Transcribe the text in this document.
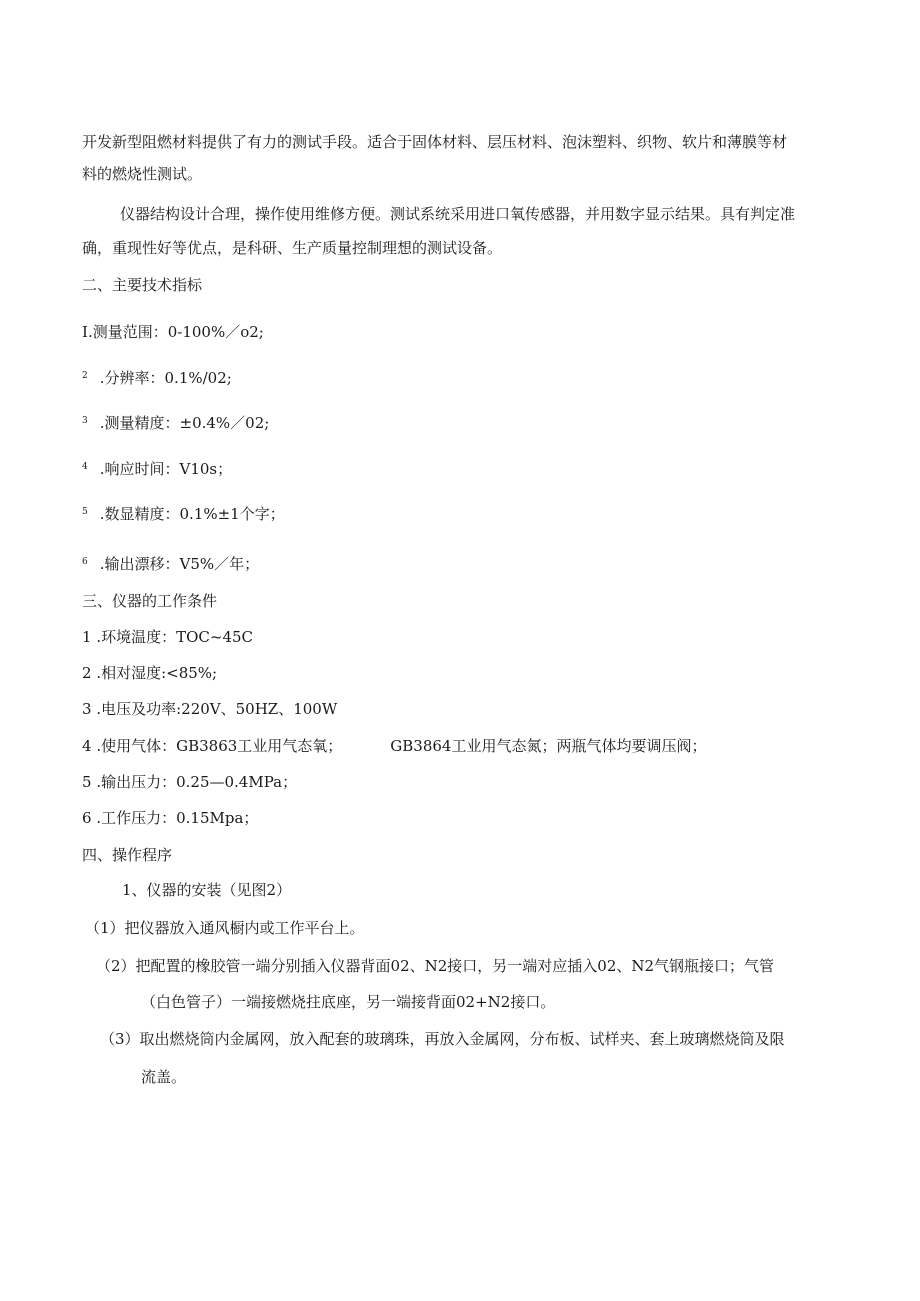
开发新型阻燃材料提供了有力的测试手段。适合于固体材料、层压材料、泡沫塑料、织物、软片和薄膜等材
料的燃烧性测试。
仪器结构设计合理，操作使用维修方便。测试系统采用进口氧传感器，并用数字显示结果。具有判定准
确，重现性好等优点，是科研、生产质量控制理想的测试设备。
二、主要技术指标
I.测量范围：0-100%／o2;
$^2$ .分辨率：0.1%/02;
$^3$ .测量精度：±0.4%／02;
$^4$ .响应时间：V10s；
$^5$ .数显精度：0.1%±1个字；
$^6$ .输出漂移：V5%／年；
三、仪器的工作条件
1 .环境温度：TOC~45C
2 .相对湿度:<85%;
3 .电压及功率:220V、50HZ、100W
4 .使用气体：GB3863工业用气态氧；	GB3864工业用气态氮；两瓶气体均要调压阀；
5 .输出压力：0.25—0.4MPa；
6 .工作压力：0.15Mpa；
四、操作程序
1、仪器的安装（见图2）
（1）把仪器放入通风橱内或工作平台上。
（2）把配置的橡胶管一端分别插入仪器背面02、N2接口，另一端对应插入02、N2气钢瓶接口；气管
（白色管子）一端接燃烧拄底座，另一端接背面02+N2接口。
（3）取出燃烧筒内金属网，放入配套的玻璃珠，再放入金属网，分布板、试样夹、套上玻璃燃烧筒及限
流盖。
